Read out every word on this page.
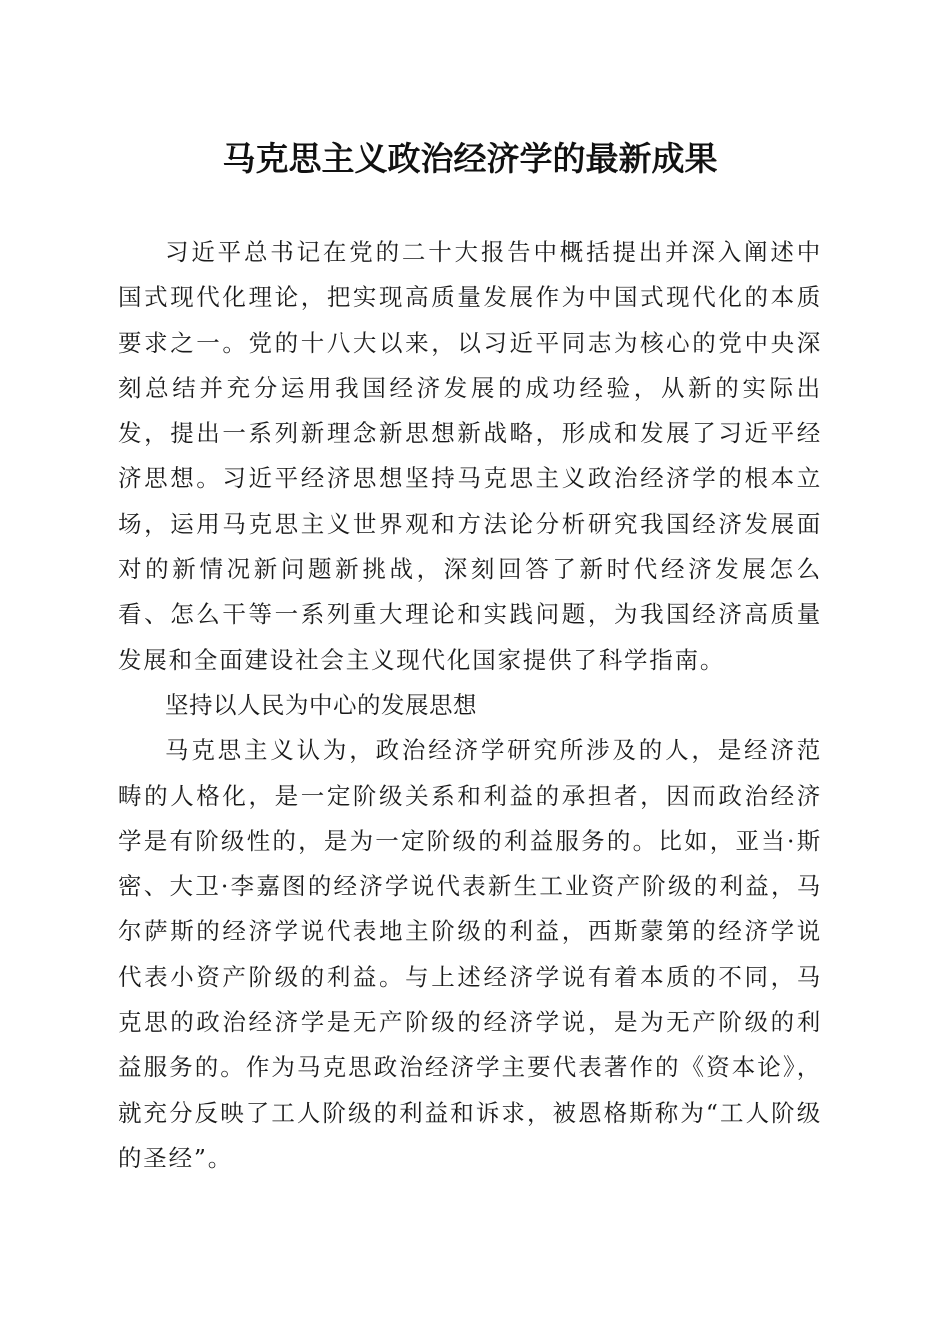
马克思主义政治经济学的最新成果

习近平总书记在党的二十大报告中概括提出并深入阐述中国式现代化理论，把实现高质量发展作为中国式现代化的本质要求之一。党的十八大以来，以习近平同志为核心的党中央深刻总结并充分运用我国经济发展的成功经验，从新的实际出发，提出一系列新理念新思想新战略，形成和发展了习近平经济思想。习近平经济思想坚持马克思主义政治经济学的根本立场，运用马克思主义世界观和方法论分析研究我国经济发展面对的新情况新问题新挑战，深刻回答了新时代经济发展怎么看、怎么干等一系列重大理论和实践问题，为我国经济高质量发展和全面建设社会主义现代化国家提供了科学指南。

坚持以人民为中心的发展思想

马克思主义认为，政治经济学研究所涉及的人，是经济范畴的人格化，是一定阶级关系和利益的承担者，因而政治经济学是有阶级性的，是为一定阶级的利益服务的。比如，亚当·斯密、大卫·李嘉图的经济学说代表新生工业资产阶级的利益，马尔萨斯的经济学说代表地主阶级的利益，西斯蒙第的经济学说代表小资产阶级的利益。与上述经济学说有着本质的不同，马克思的政治经济学是无产阶级的经济学说，是为无产阶级的利益服务的。作为马克思政治经济学主要代表著作的《资本论》，就充分反映了工人阶级的利益和诉求，被恩格斯称为“工人阶级的圣经”。
